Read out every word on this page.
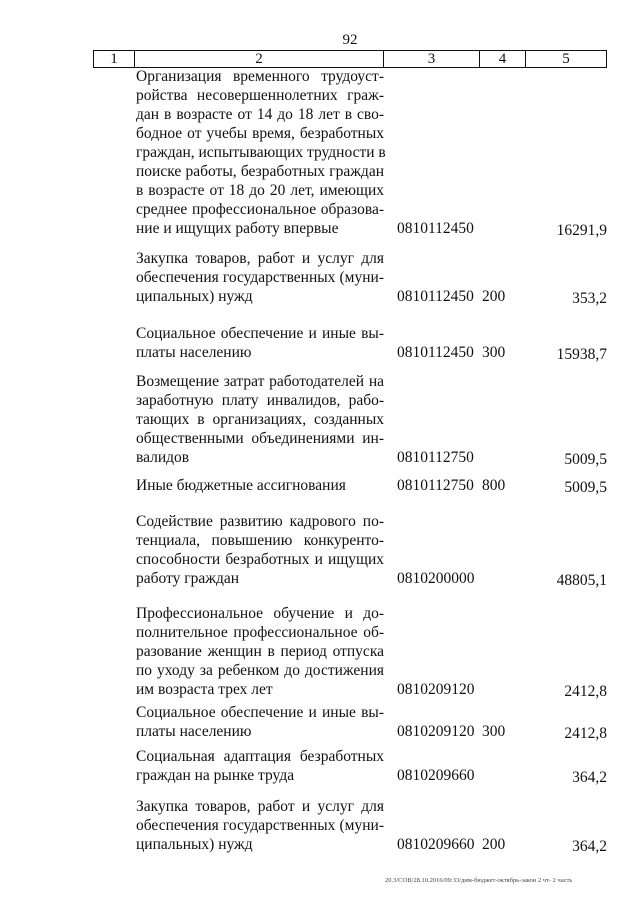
92
1	2	3	4	5
Организация временного трудоуст-
ройства несовершеннолетних граж-
дан в возрасте от 14 до 18 лет в сво-
бодное от учебы время, безработных
граждан, испытывающих трудности в
поиске работы, безработных граждан
в возрасте от 18 до 20 лет, имеющих
среднее профессиональное образова-
ние и ищущих работу впервые	0810112450	16291,9
Закупка товаров, работ и услуг для
обеспечения государственных (муни-
ципальных) нужд	0810112450 200	353,2
Социальное обеспечение и иные вы-
платы населению	0810112450 300	15938,7
Возмещение затрат работодателей на
заработную плату инвалидов, рабо-
тающих в организациях, созданных
общественными объединениями ин-
валидов	0810112750	5009,5
Иные бюджетные ассигнования	0810112750 800	5009,5
Содействие развитию кадрового по-
тенциала, повышению конкуренто-
способности безработных и ищущих
работу граждан	0810200000	48805,1
Профессиональное обучение и до-
полнительное профессиональное об-
разование женщин в период отпуска
по уходу за ребенком до достижения
им возраста трех лет	0810209120	2412,8
Социальное обеспечение и иные вы-
платы населению	0810209120 300	2412,8
Социальная адаптация безработных
граждан на рынке труда	0810209660	364,2
Закупка товаров, работ и услуг для
обеспечения государственных (муни-
ципальных) нужд	0810209660 200	364,2
20.3/СОВ/28.10.2016/09:33/дим-бюджет-октябрь-закон 2 чт- 2 часть
